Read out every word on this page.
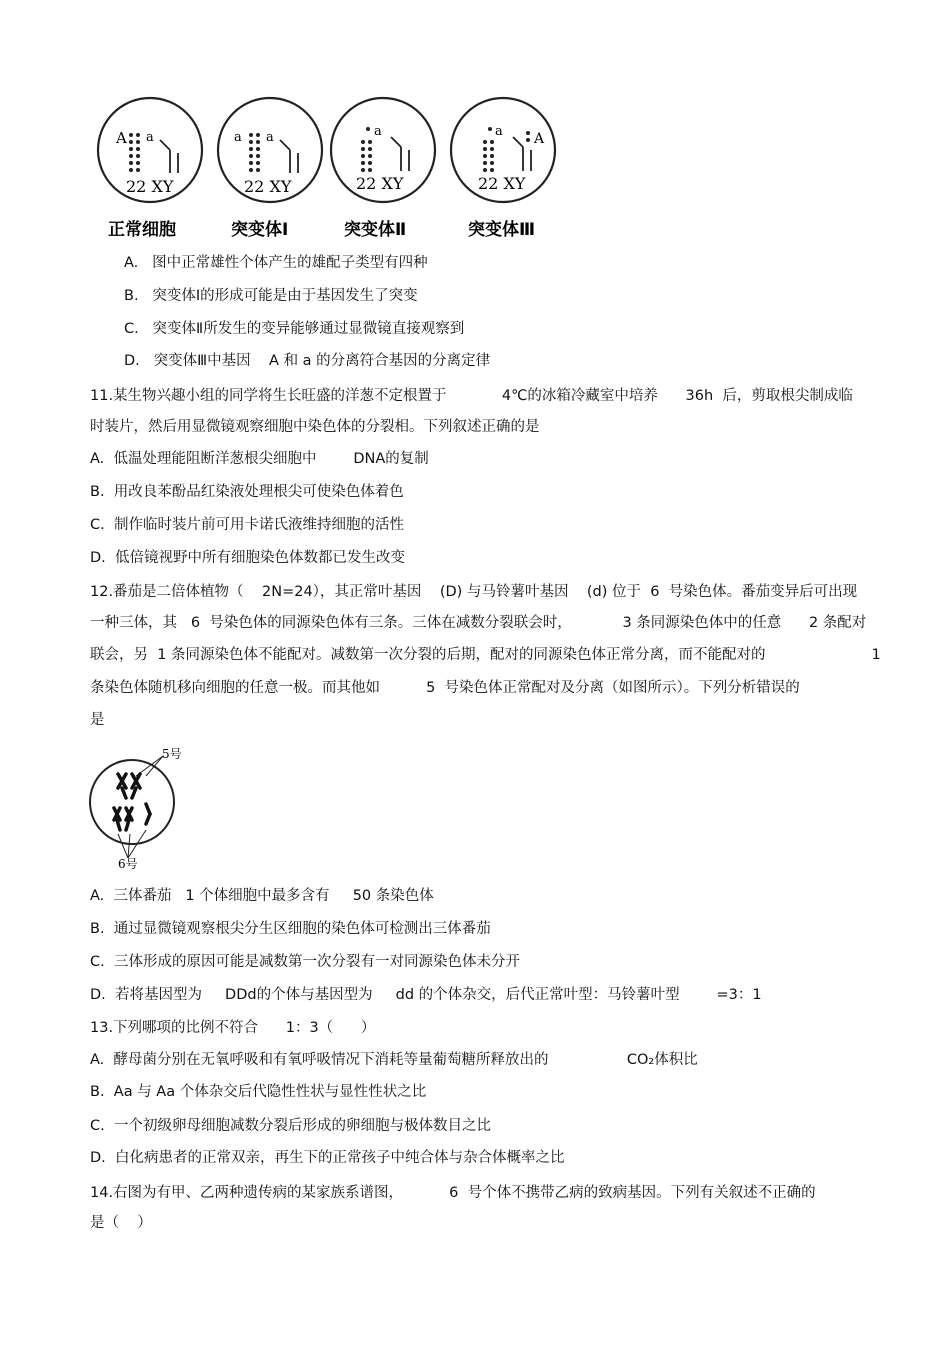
A a
22 XY
正常细胞
a a
22 XY
突变体Ⅰ
a
22 XY
突变体Ⅱ
a A
22 XY
突变体Ⅲ
A.   图中正常雄性个体产生的雄配子类型有四种
B.   突变体Ⅰ的形成可能是由于基因发生了突变
C.   突变体Ⅱ所发生的变异能够通过显微镜直接观察到
D.   突变体Ⅲ中基因    A 和 a 的分离符合基因的分离定律
11.某生物兴趣小组的同学将生长旺盛的洋葱不定根置于            4℃的冰箱冷藏室中培养      36h  后，剪取根尖制成临
时装片，然后用显微镜观察细胞中染色体的分裂相。下列叙述正确的是
A.  低温处理能阻断洋葱根尖细胞中        DNA的复制
B.  用改良苯酚品红染液处理根尖可使染色体着色
C.  制作临时装片前可用卡诺氏液维持细胞的活性
D.  低倍镜视野中所有细胞染色体数都已发生改变
12.番茄是二倍体植物（    2N=24），其正常叶基因    (D) 与马铃薯叶基因    (d) 位于  6  号染色体。番茄变异后可出现
一种三体，其   6  号染色体的同源染色体有三条。三体在减数分裂联会时，           3 条同源染色体中的任意      2 条配对
联会，另  1 条同源染色体不能配对。减数第一次分裂的后期，配对的同源染色体正常分离，而不能配对的                       1
条染色体随机移向细胞的任意一极。而其他如          5  号染色体正常配对及分离（如图所示）。下列分析错误的
是
5号
6号
A.  三体番茄   1 个体细胞中最多含有     50 条染色体
B.  通过显微镜观察根尖分生区细胞的染色体可检测出三体番茄
C.  三体形成的原因可能是减数第一次分裂有一对同源染色体未分开
D.  若将基因型为     DDd的个体与基因型为     dd 的个体杂交，后代正常叶型：马铃薯叶型        =3：1
13.下列哪项的比例不符合      1：3（      ）
A.  酵母菌分别在无氧呼吸和有氧呼吸情况下消耗等量葡萄糖所释放出的                 CO₂体积比
B.  Aa 与 Aa 个体杂交后代隐性性状与显性性状之比
C.  一个初级卵母细胞减数分裂后形成的卵细胞与极体数目之比
D.  白化病患者的正常双亲，再生下的正常孩子中纯合体与杂合体概率之比
14.右图为有甲、乙两种遗传病的某家族系谱图，          6  号个体不携带乙病的致病基因。下列有关叙述不正确的
是（    ）
